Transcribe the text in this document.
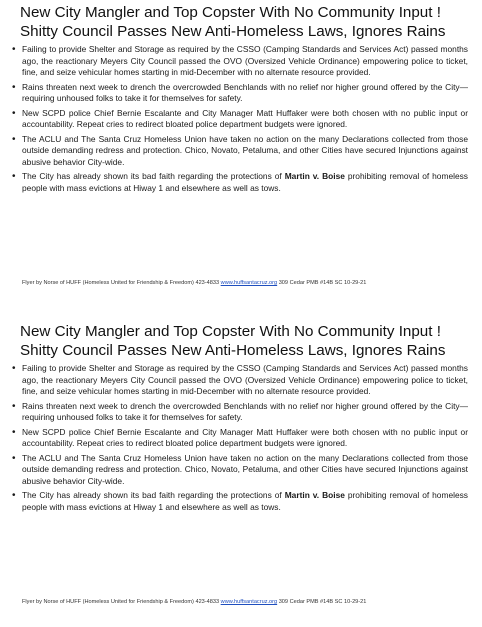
New City Mangler and Top Copster With No Community Input !
Shitty Council Passes New Anti-Homeless Laws, Ignores Rains
• Failing to provide Shelter and Storage as required by the CSSO (Camping Standards and Services Act) passed months ago, the reactionary Meyers City Council passed the OVO (Oversized Vehicle Ordinance) empowering police to ticket, fine, and seize vehicular homes starting in mid-December with no alternate resource provided.
• Rains threaten next week to drench the overcrowded Benchlands with no relief nor higher ground offered by the City—requiring unhoused folks to take it for themselves for safety.
• New SCPD police Chief Bernie Escalante and City Manager Matt Huffaker were both chosen with no public input or accountability. Repeat cries to redirect bloated police department budgets were ignored.
• The ACLU and The Santa Cruz Homeless Union have taken no action on the many Declarations collected from those outside demanding redress and protection. Chico, Novato, Petaluma, and other Cities have secured Injunctions against abusive behavior City-wide.
• The City has already shown its bad faith regarding the protections of Martin v. Boise prohibiting removal of homeless people with mass evictions at Hiway 1 and elsewhere as well as tows.
Flyer by Norse of HUFF (Homeless United for Friendship & Freedom) 423-4833 www.huffsantacruz.org 309 Cedar PMB #14B SC 10-29-21
New City Mangler and Top Copster With No Community Input !
Shitty Council Passes New Anti-Homeless Laws, Ignores Rains
• Failing to provide Shelter and Storage as required by the CSSO (Camping Standards and Services Act) passed months ago, the reactionary Meyers City Council passed the OVO (Oversized Vehicle Ordinance) empowering police to ticket, fine, and seize vehicular homes starting in mid-December with no alternate resource provided.
• Rains threaten next week to drench the overcrowded Benchlands with no relief nor higher ground offered by the City—requiring unhoused folks to take it for themselves for safety.
• New SCPD police Chief Bernie Escalante and City Manager Matt Huffaker were both chosen with no public input or accountability. Repeat cries to redirect bloated police department budgets were ignored.
• The ACLU and The Santa Cruz Homeless Union have taken no action on the many Declarations collected from those outside demanding redress and protection. Chico, Novato, Petaluma, and other Cities have secured Injunctions against abusive behavior City-wide.
• The City has already shown its bad faith regarding the protections of Martin v. Boise prohibiting removal of homeless people with mass evictions at Hiway 1 and elsewhere as well as tows.
Flyer by Norse of HUFF (Homeless United for Friendship & Freedom) 423-4833 www.huffsantacruz.org 309 Cedar PMB #14B SC 10-29-21
